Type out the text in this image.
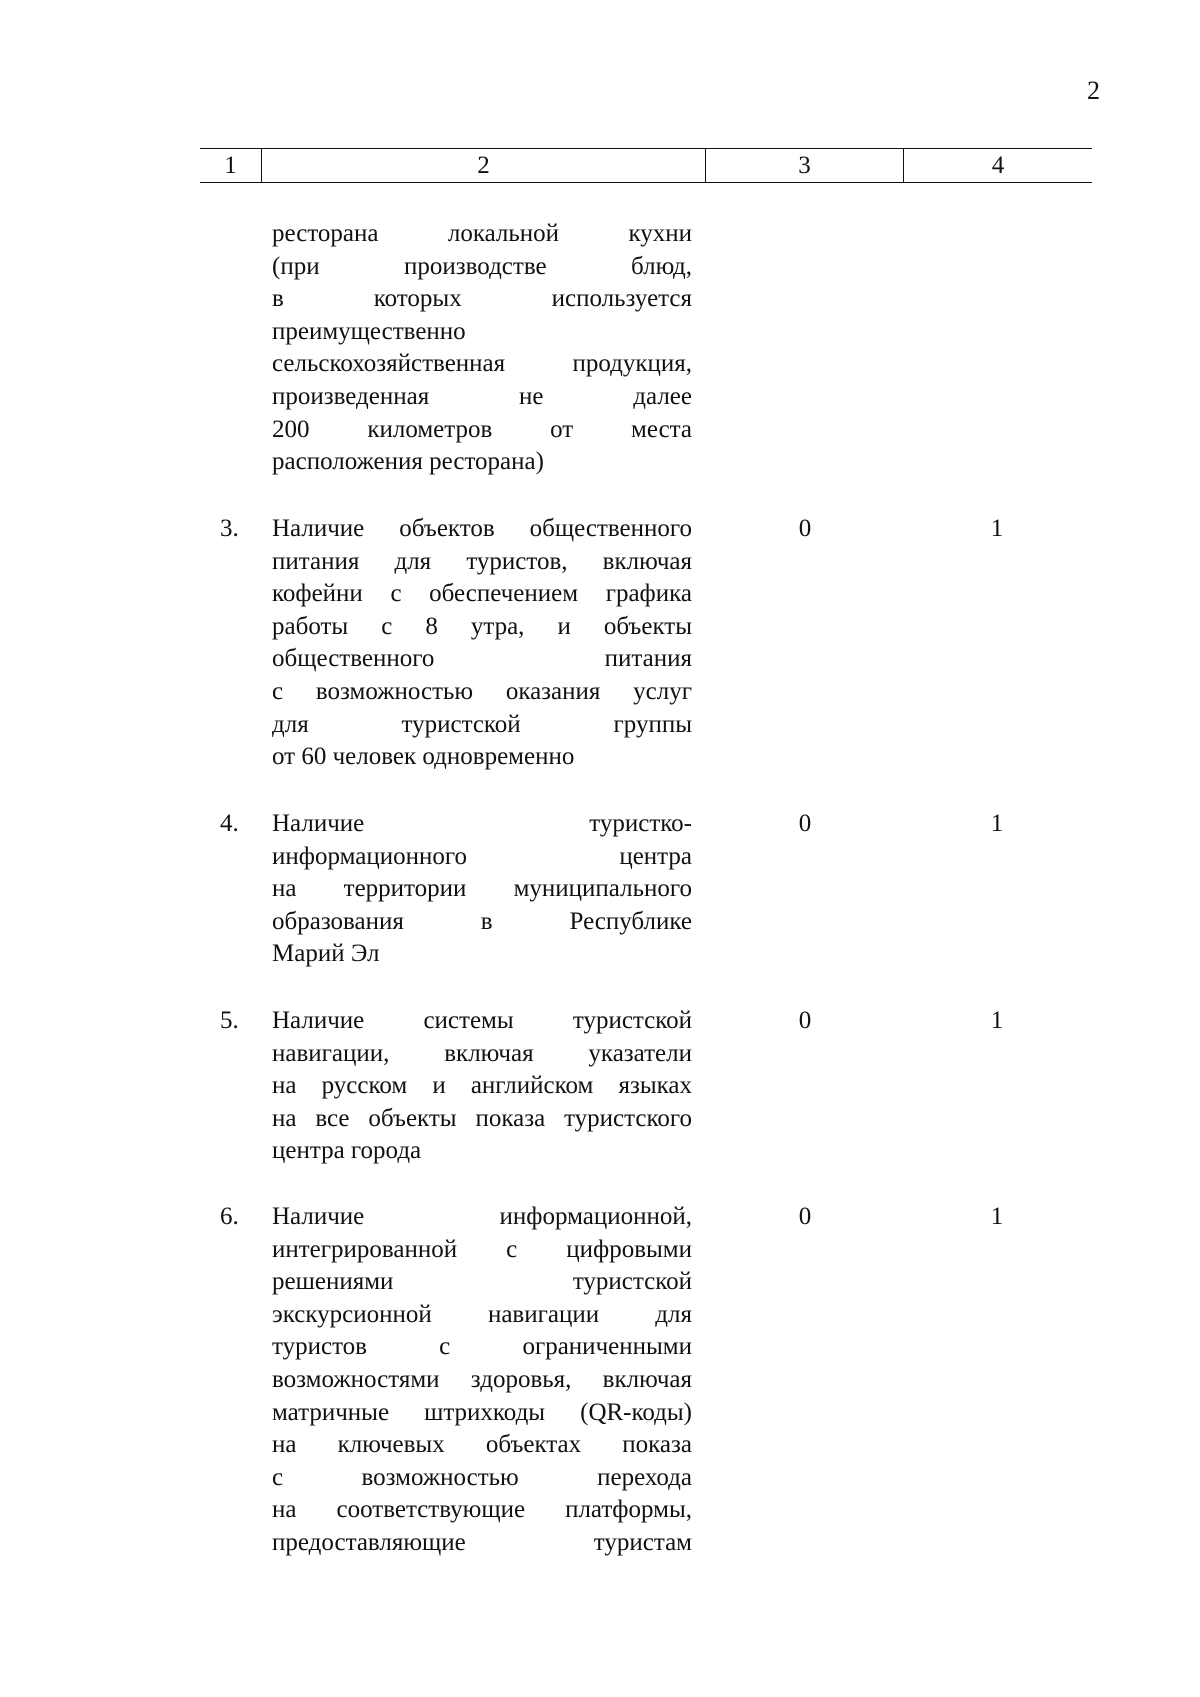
2
1	2	3	4
ресторана локальной кухни
(при производстве блюд,
в которых используется
преимущественно
сельскохозяйственная продукция,
произведенная не далее
200 километров от места
расположения ресторана)
3.	Наличие объектов общественного
питания для туристов, включая
кофейни с обеспечением графика
работы с 8 утра, и объекты
общественного питания
с возможностью оказания услуг
для туристской группы
от 60 человек одновременно
0	1
4.	Наличие туристко-
информационного центра
на территории муниципального
образования в Республике
Марий Эл
0	1
5.	Наличие системы туристской
навигации, включая указатели
на русском и английском языках
на все объекты показа туристского
центра города
0	1
6.	Наличие информационной,
интегрированной с цифровыми
решениями туристской
экскурсионной навигации для
туристов с ограниченными
возможностями здоровья, включая
матричные штрихкоды (QR-коды)
на ключевых объектах показа
с возможностью перехода
на соответствующие платформы,
предоставляющие туристам
0	1
